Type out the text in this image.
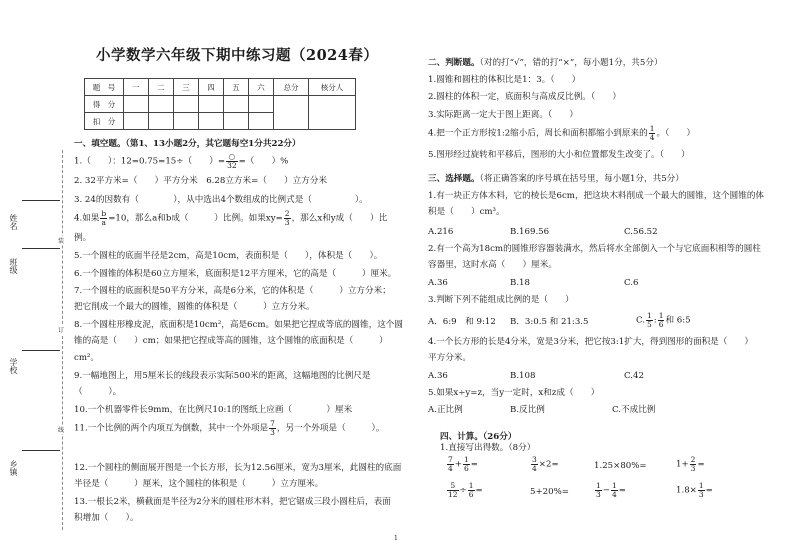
姓名
班级
学校
乡镇
装
订
线
小学数学六年级下期中练习题（2024春）
题　号	一	二	三	四	五	六	总分	核分人
得　分								
扣　分								
一、填空题。（第1、13小题2分，其它题每空1分共22分）
1.（　　）：12=0.75=15÷（　　）= $\frac{○}{32}$ =（　　）%
2. 32平方米=（　　）平方分米　6.28立方米=（　　）立方分米
3. 24的因数有（　　　　），从中选出4个数组成的比例式是（　　　　　）。
4.如果 $\frac{b}{a} =10$，那么a和b成（　　　）比例。如果$xy= \frac{2}{3}$ ，那么x和y成（　　）比
例。
5.一个圆柱的底面半径是2cm，高是10cm，表面积是（　　），体积是（　　）。
6.一个圆锥的体积是60立方厘米，底面积是12平方厘米，它的高是（　　　）厘米。
7.一个圆柱的底面积是50平方分米，高是6分米，它的体积是（　　　）立方分米；
把它削成一个最大的圆锥，圆锥的体积是（　　　）立方分米。
8.一个圆柱形橡皮泥，底面积是10cm²，高是6cm。如果把它捏成等底的圆锥，这个圆
锥的高是（　　）cm；如果把它捏成等高的圆锥，这个圆锥的底面积是（　　　）
cm²。
9.一幅地图上，用5厘米长的线段表示实际500米的距离，这幅地图的比例尺是
（　　　）。
10.一个机器零件长9mm，在比例尺10:1的图纸上应画（　　　　）厘米
11.一个比例的两个内项互为倒数，其中一个外项是 $\frac{7}{3}$ ，另一个外项是（　　　）。
12.一个圆柱的侧面展开图是一个长方形，长为12.56厘米，宽为3厘米，此圆柱的底面
半径是（　　　）厘米，这个圆柱的体积是（　　　）立方厘米。
13.一根长2米，横截面是半径为2分米的圆柱形木料，把它锯成三段小圆柱后，表面
积增加（　　）。
二、判断题。（对的打“√”，错的打“×”，每小题1分，共5分）
1.圆锥和圆柱的体积比是1：3。（　　）
2.圆柱的体积一定，底面积与高成反比例。（　　）
3.实际距离一定大于图上距离。（　　）
4.把一个正方形按1:2缩小后，周长和面积都缩小到原来的 $\frac{1}{4}$ 。（　　）
5.图形经过旋转和平移后，图形的大小和位置都发生改变了。（　　）
三、选择题。（将正确答案的序号填在括号里，每小题1分，共5分）
1.有一块正方体木料，它的棱长是6cm，把这块木料削成一个最大的圆锥，这个圆锥的体
积是（　　）cm³。
A.216	B.169.56	C.56.52
2.有一个高为18cm的圆锥形容器装满水，然后将水全部倒入一个与它底面积相等的圆柱
容器里，这时水高（　　）厘米。
A.36	B.18	C.6
3.判断下列不能组成比例的是（　　）
A．6:9　和 9:12 B．3:0.5 和 21:3.5	C. $\frac{1}{5}$ : $\frac{1}{6}$ 和 6:5
4.一个长方形的长是4分米，宽是3分米，把它按3:1扩大，得到图形的面积是（　　）
平方分米。
A.36	B.108	C.42
5.如果x÷y=z，当y一定时，x和z成（　　）
A.正比例	B.反比例	C.不成比例
四、计算。（26分）
1.直接写出得数。（8分）
$\frac{7}{4} + \frac{1}{6}$ =	$\frac{3}{4} \times 2=$	1.25×80%=	$1+ \frac{2}{3}$ =
$\frac{5}{12} \div \frac{1}{6}$ =	5+20%=	$\frac{1}{3} - \frac{1}{4}$ =	$1.8\times \frac{1}{3}$ =
1
